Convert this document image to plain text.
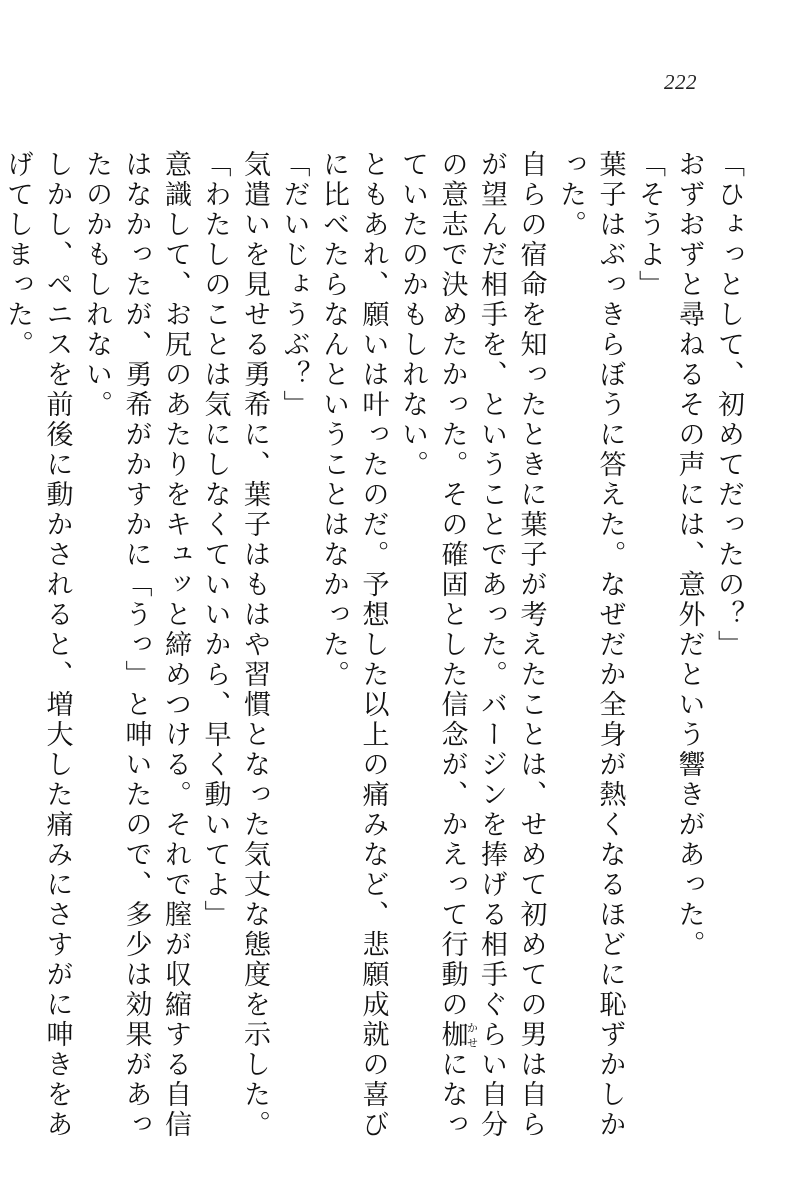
222
「ひょっとして、初めてだったの？」
おずおずと尋ねるその声には、意外だという響きがあった。
「そうよ」
葉子はぶっきらぼうに答えた。なぜだか全身が熱くなるほどに恥ずかしかった。
自らの宿命を知ったときに葉子が考えたことは、せめて初めての男は自らが望んだ相手を、ということであった。バージンを捧げる相手ぐらい自分の意志で決めたかった。その確固とした信念が、かえって行動の枷かせになっていたのかもしれない。
ともあれ、願いは叶ったのだ。予想した以上の痛みなど、悲願成就の喜びに比べたらなんということはなかった。
「だいじょうぶ？」
気遣いを見せる勇希に、葉子はもはや習慣となった気丈な態度を示した。
「わたしのことは気にしなくていいから、早く動いてよ」
意識して、お尻のあたりをキュッと締めつける。それで膣が収縮する自信はなかったが、勇希がかすかに「うっ」と呻いたので、多少は効果があったのかもしれない。
しかし、ペニスを前後に動かされると、増大した痛みにさすがに呻きをあげてしまった。
